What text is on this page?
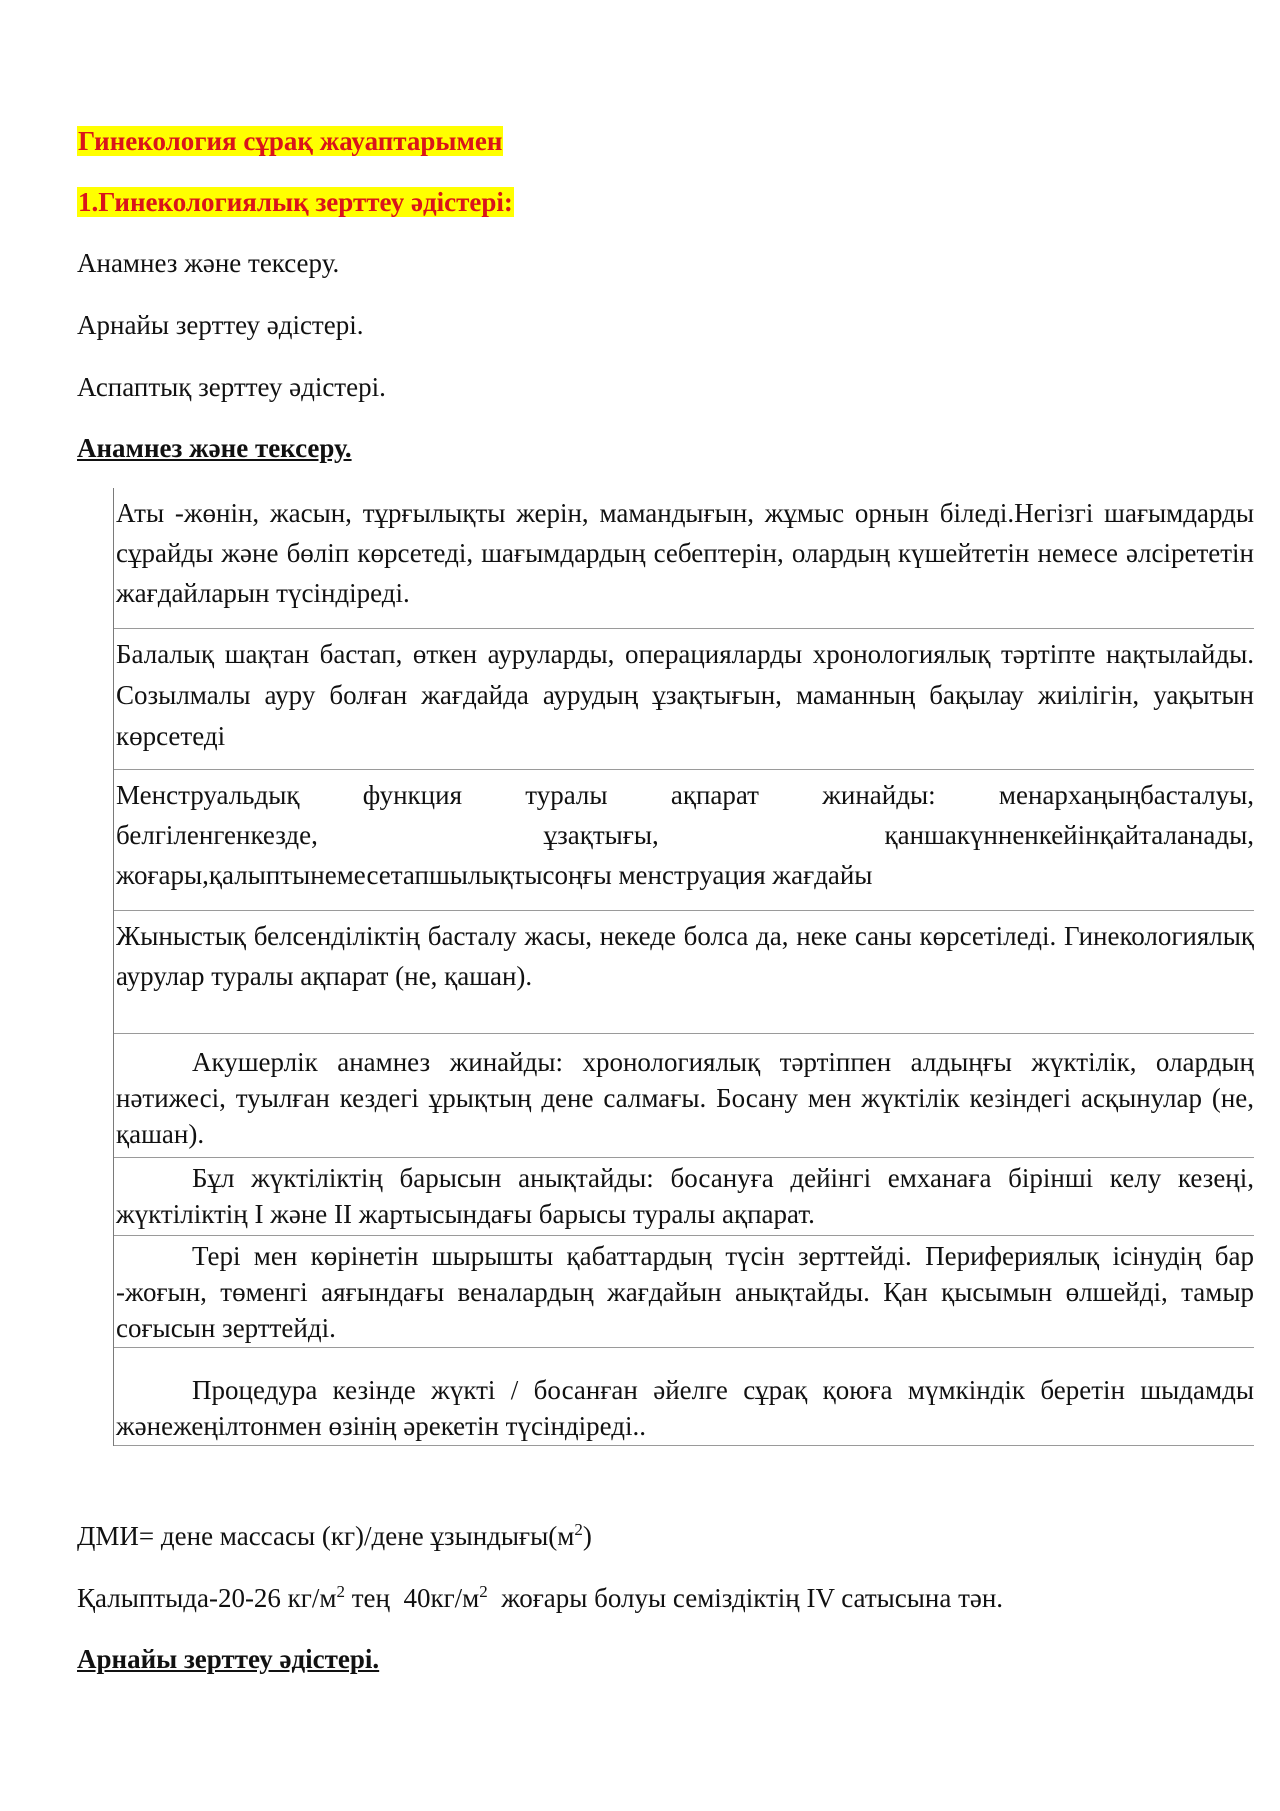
Гинекология сұрақ жауаптарымен
1.Гинекологиялық зерттеу әдістері:
Анамнез және тексеру.
Арнайы зерттеу әдістері.
Аспаптық зерттеу әдістері.
Анамнез және тексеру.
Аты -жөнін, жасын, тұрғылықты жерін, мамандығын, жұмыс орнын біледі.Негізгі шағымдарды сұрайды және бөліп көрсетеді, шағымдардың себептерін, олардың күшейтетін немесе әлсірететін жағдайларын түсіндіреді.
Балалық шақтан бастап, өткен ауруларды, операцияларды хронологиялық тәртіпте нақтылайды. Созылмалы ауру болған жағдайда аурудың ұзақтығын, маманның бақылау жиілігін, уақытын көрсетеді
Менструальдық функция туралы ақпарат жинайды: менархаңыңбасталуы,
белгіленгенкезде, ұзақтығы, қаншакүнненкейінқайталанады,
жоғары,қалыптынемесетапшылықтысоңғы менструация жағдайы
Жыныстық белсенділіктің басталу жасы, некеде болса да, неке саны көрсетіледі. Гинекологиялық аурулар туралы ақпарат (не, қашан).
Акушерлік анамнез жинайды: хронологиялық тәртіппен алдыңғы жүктілік, олардың нәтижесі, туылған кездегі ұрықтың дене салмағы. Босану мен жүктілік кезіндегі асқынулар (не, қашан).
Бұл жүктіліктің барысын анықтайды: босануға дейінгі емханаға бірінші келу кезеңі, жүктіліктің I және II жартысындағы барысы туралы ақпарат.
Тері мен көрінетін шырышты қабаттардың түсін зерттейді. Перифериялық ісінудің бар -жоғын, төменгі аяғындағы веналардың жағдайын анықтайды. Қан қысымын өлшейді, тамыр соғысын зерттейді.
Процедура кезінде жүкті / босанған әйелге сұрақ қоюға мүмкіндік беретін шыдамды жәнежеңілтонмен өзінің әрекетін түсіндіреді..
ДМИ= дене массасы (кг)/дене $ұзындығы(м^2)$
Қалыптыда-20-26 $кг/м^2$ тең  $40кг/м^2$  жоғары болуы семіздіктің IV сатысына тән.
Арнайы зерттеу әдістері.
